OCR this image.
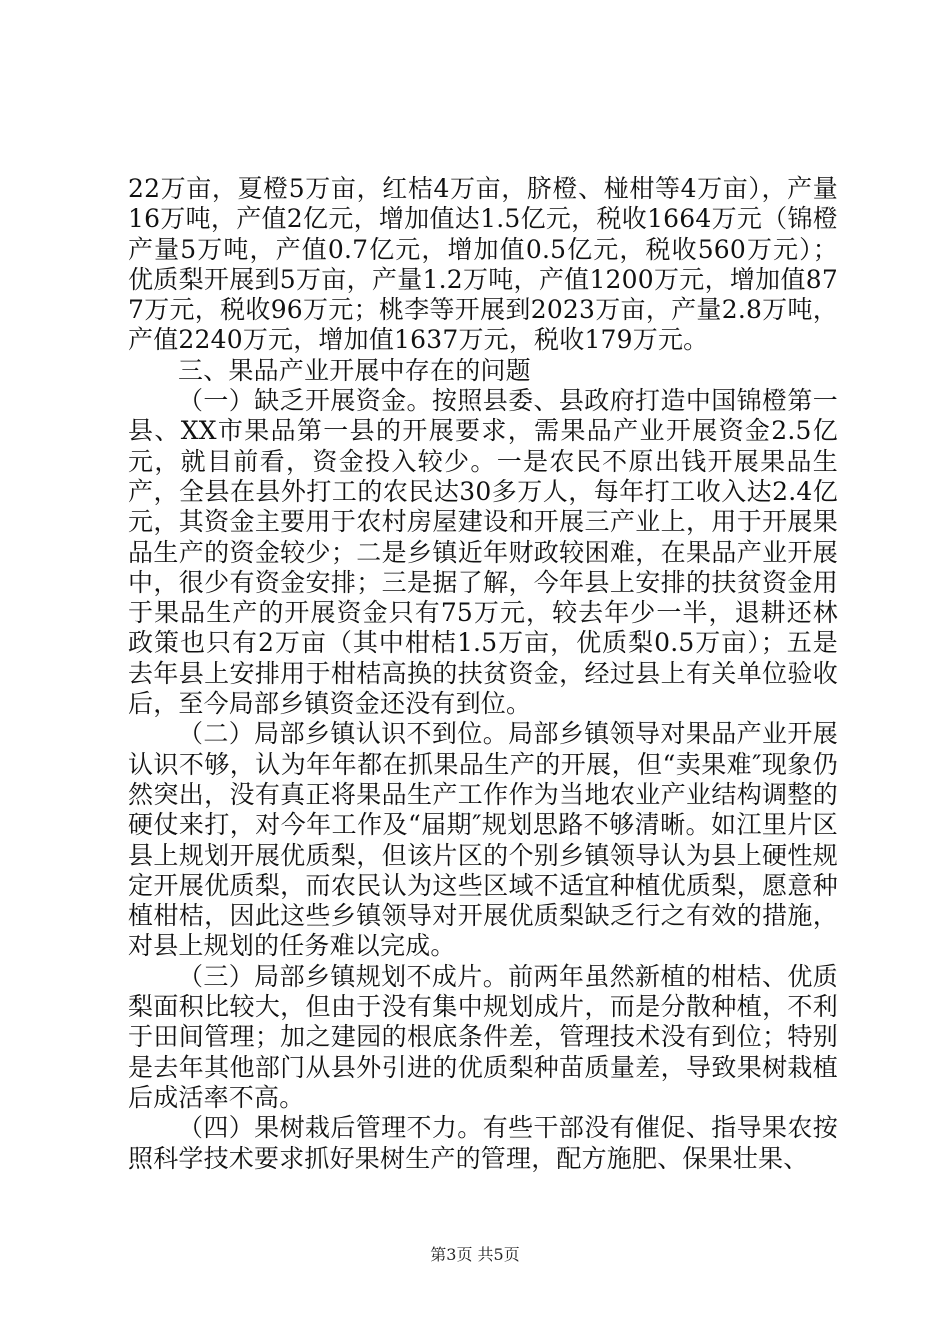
22万亩，夏橙5万亩，红桔4万亩，脐橙、椪柑等4万亩），产量16万吨，产值2亿元，增加值达1.5亿元，税收1664万元（锦橙产量5万吨，产值0.7亿元，增加值0.5亿元，税收560万元）；优质梨开展到5万亩，产量1.2万吨，产值1200万元，增加值877万元，税收96万元；桃李等开展到2023万亩，产量2.8万吨，产值2240万元，增加值1637万元，税收179万元。

三、果品产业开展中存在的问题

（一）缺乏开展资金。按照县委、县政府打造中国锦橙第一县、XX市果品第一县的开展要求，需果品产业开展资金2.5亿元，就目前看，资金投入较少。一是农民不原出钱开展果品生产，全县在县外打工的农民达30多万人，每年打工收入达2.4亿元，其资金主要用于农村房屋建设和开展三产业上，用于开展果品生产的资金较少；二是乡镇近年财政较困难，在果品产业开展中，很少有资金安排；三是据了解，今年县上安排的扶贫资金用于果品生产的开展资金只有75万元，较去年少一半，退耕还林政策也只有2万亩（其中柑桔1.5万亩，优质梨0.5万亩）；五是去年县上安排用于柑桔高换的扶贫资金，经过县上有关单位验收后，至今局部乡镇资金还没有到位。

（二）局部乡镇认识不到位。局部乡镇领导对果品产业开展认识不够，认为年年都在抓果品生产的开展，但“卖果难″现象仍然突出，没有真正将果品生产工作作为当地农业产业结构调整的硬仗来打，对今年工作及“届期″规划思路不够清晰。如江里片区县上规划开展优质梨，但该片区的个别乡镇领导认为县上硬性规定开展优质梨，而农民认为这些区域不适宜种植优质梨，愿意种植柑桔，因此这些乡镇领导对开展优质梨缺乏行之有效的措施，对县上规划的任务难以完成。

（三）局部乡镇规划不成片。前两年虽然新植的柑桔、优质梨面积比较大，但由于没有集中规划成片，而是分散种植，不利于田间管理；加之建园的根底条件差，管理技术没有到位；特别是去年其他部门从县外引进的优质梨种苗质量差，导致果树栽植后成活率不高。

（四）果树栽后管理不力。有些干部没有催促、指导果农按照科学技术要求抓好果树生产的管理，配方施肥、保果壮果、

第3页 共5页
